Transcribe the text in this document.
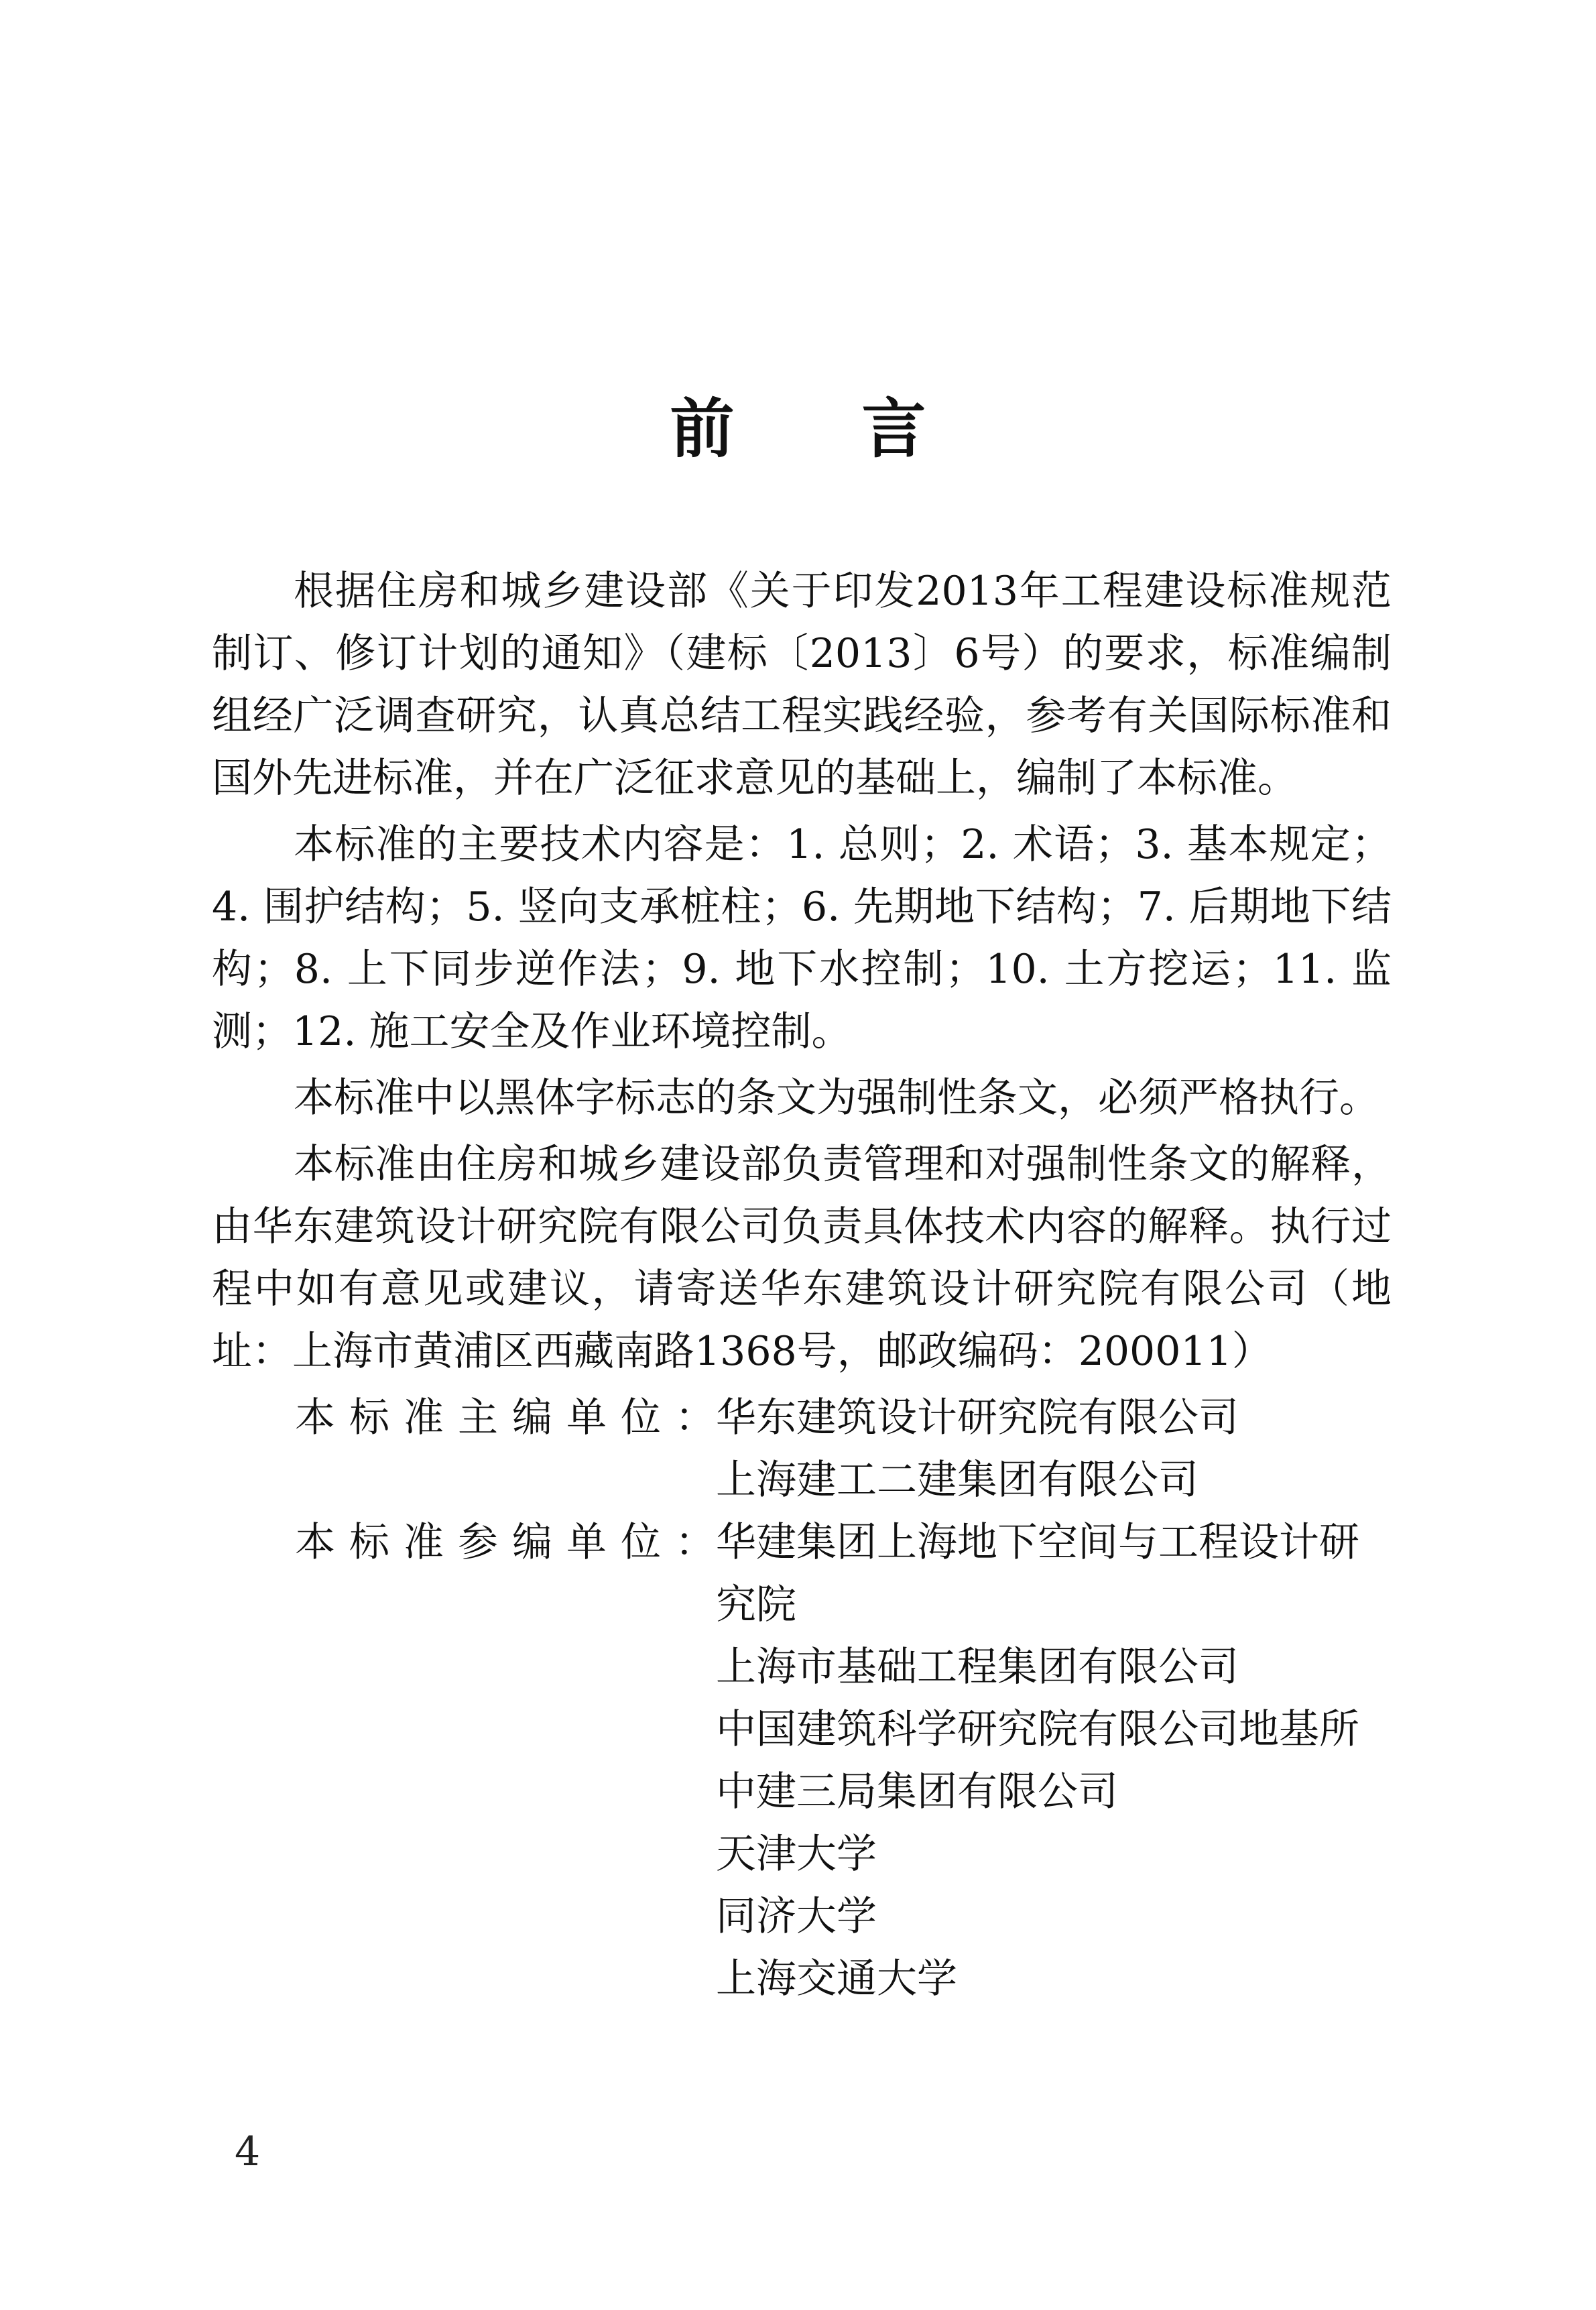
前言

根据住房和城乡建设部《关于印发2013年工程建设标准规范制订、修订计划的通知》（建标〔2013〕6号）的要求，标准编制组经广泛调查研究，认真总结工程实践经验，参考有关国际标准和国外先进标准，并在广泛征求意见的基础上，编制了本标准。

本标准的主要技术内容是：1. 总则；2. 术语；3. 基本规定；4. 围护结构；5. 竖向支承桩柱；6. 先期地下结构；7. 后期地下结构；8. 上下同步逆作法；9. 地下水控制；10. 土方挖运；11. 监测；12. 施工安全及作业环境控制。

本标准中以黑体字标志的条文为强制性条文，必须严格执行。

本标准由住房和城乡建设部负责管理和对强制性条文的解释，由华东建筑设计研究院有限公司负责具体技术内容的解释。执行过程中如有意见或建议，请寄送华东建筑设计研究院有限公司（地址：上海市黄浦区西藏南路1368号，邮政编码：200011）

本标准主编单位：
华东建筑设计研究院有限公司
上海建工二建集团有限公司
本标准参编单位：
华建集团上海地下空间与工程设计研究院
上海市基础工程集团有限公司
中国建筑科学研究院有限公司地基所
中建三局集团有限公司
天津大学
同济大学
上海交通大学
4
